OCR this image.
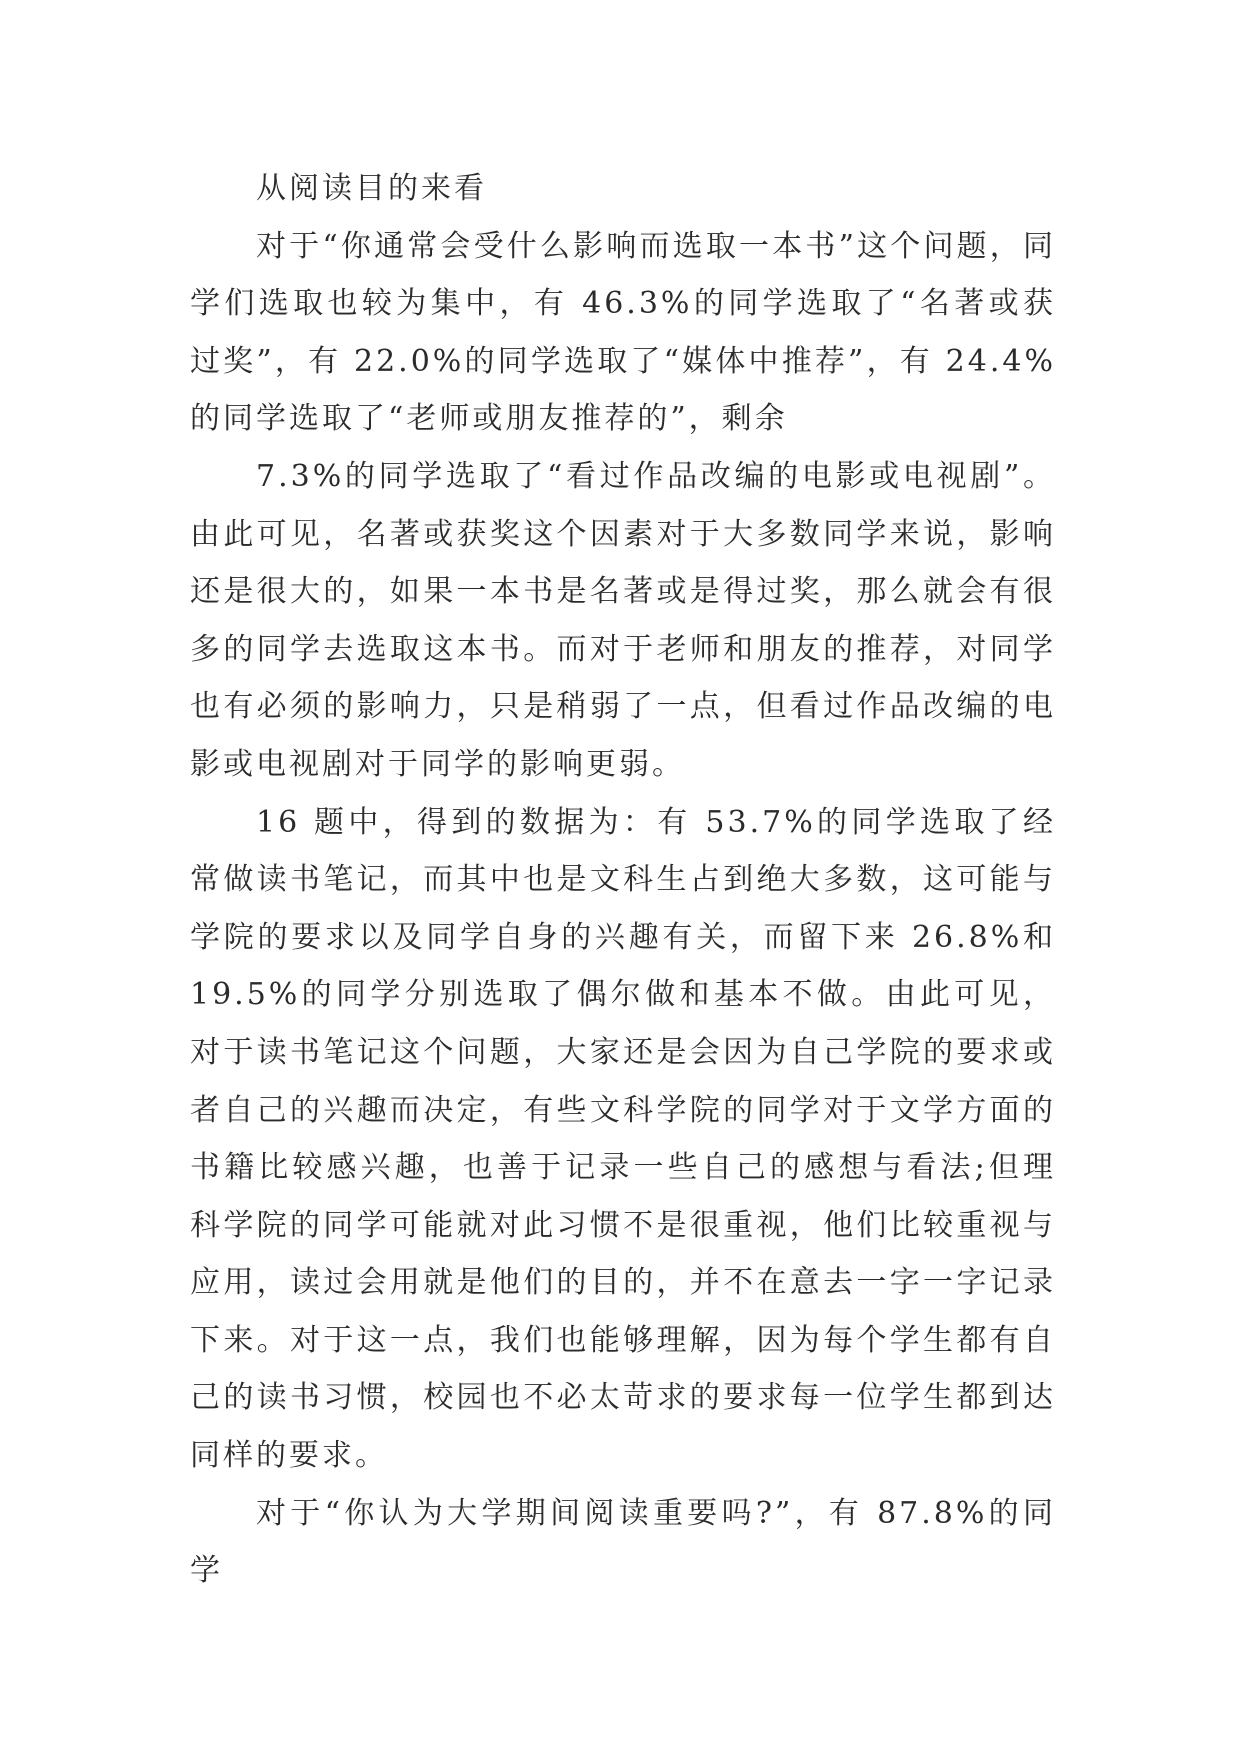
从阅读目的来看

对于“你通常会受什么影响而选取一本书”这个问题，同学们选取也较为集中，有 46.3%的同学选取了“名著或获过奖”，有 22.0%的同学选取了“媒体中推荐”，有 24.4%的同学选取了“老师或朋友推荐的”，剩余

7.3%的同学选取了“看过作品改编的电影或电视剧”。由此可见，名著或获奖这个因素对于大多数同学来说，影响还是很大的，如果一本书是名著或是得过奖，那么就会有很多的同学去选取这本书。而对于老师和朋友的推荐，对同学也有必须的影响力，只是稍弱了一点，但看过作品改编的电影或电视剧对于同学的影响更弱。

16 题中，得到的数据为：有 53.7%的同学选取了经常做读书笔记，而其中也是文科生占到绝大多数，这可能与学院的要求以及同学自身的兴趣有关，而留下来 26.8%和 19.5%的同学分别选取了偶尔做和基本不做。由此可见，对于读书笔记这个问题，大家还是会因为自己学院的要求或者自己的兴趣而决定，有些文科学院的同学对于文学方面的书籍比较感兴趣，也善于记录一些自己的感想与看法;但理科学院的同学可能就对此习惯不是很重视，他们比较重视与应用，读过会用就是他们的目的，并不在意去一字一字记录下来。对于这一点，我们也能够理解，因为每个学生都有自己的读书习惯，校园也不必太苛求的要求每一位学生都到达同样的要求。

对于“你认为大学期间阅读重要吗?”，有 87.8%的同学
